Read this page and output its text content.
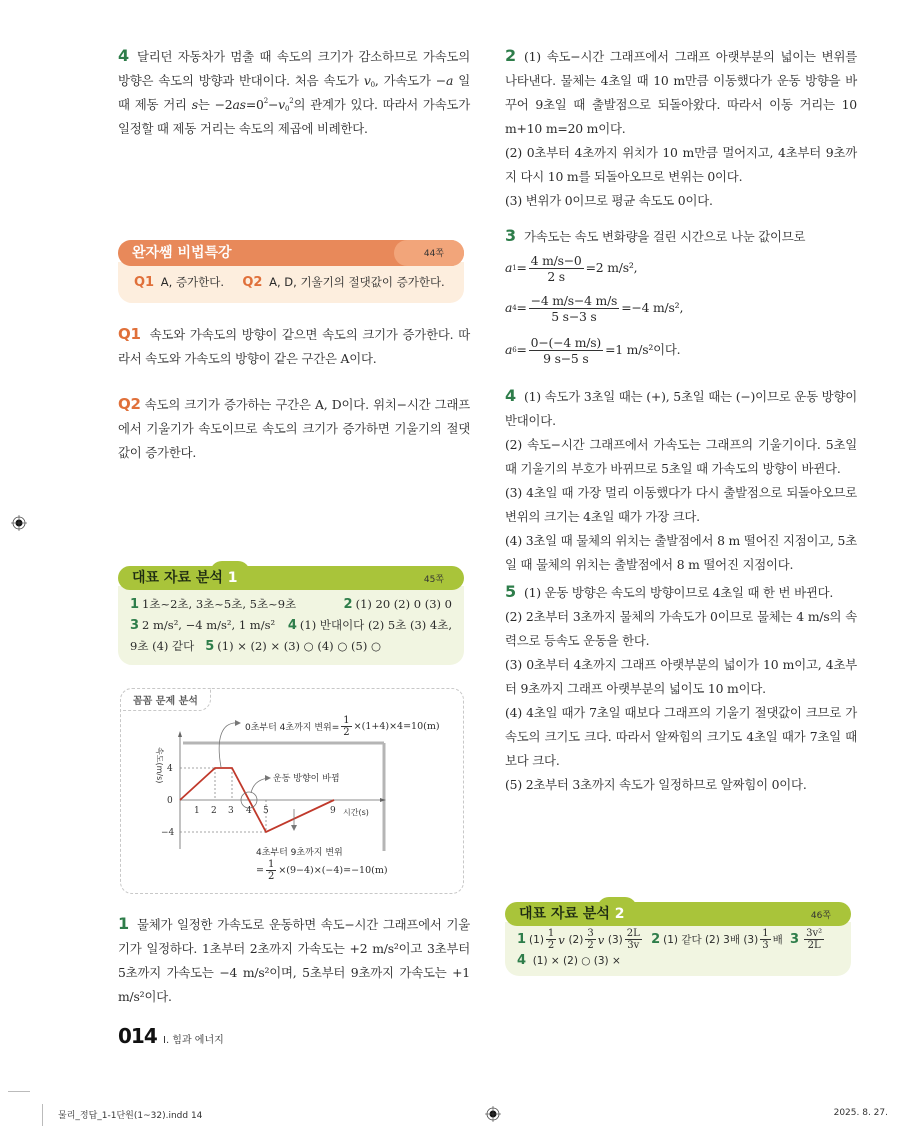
4 달리던 자동차가 멈출 때 속도의 크기가 감소하므로 가속도의 방향은 속도의 방향과 반대이다. 처음 속도가 $v_0$, 가속도가 −a 일 때 제동 거리 s는 $-2as=0^2-v_0^2$의 관계가 있다. 따라서 가속도가 일정할 때 제동 거리는 속도의 제곱에 비례한다.

완자쌤 비법특강	44쪽
Q1 A, 증가한다. Q2 A, D, 기울기의 절댓값이 증가한다.

Q1 속도와 가속도의 방향이 같으면 속도의 크기가 증가한다. 따라서 속도와 가속도의 방향이 같은 구간은 A이다.

Q2 속도의 크기가 증가하는 구간은 A, D이다. 위치−시간 그래프에서 기울기가 속도이므로 속도의 크기가 증가하면 기울기의 절댓값이 증가한다.

대표 자료 분석 1	45쪽
1 1초~2초, 3초~5초, 5초~9초	2 (1) 20 (2) 0 (3) 0
3 2 m/s², −4 m/s², 1 m/s² 4 (1) 반대이다 (2) 5초 (3) 4초,
9초 (4) 같다 5 (1) × (2) × (3) ○ (4) ○ (5) ○
꼼꼼 문제 분석
4
0
−4
1 2 3 4 5	9 시간(s)
속도(m/s)
0초부터 4초까지 변위= $\frac{1}{2} \times(1+4)\times 4=10(m)$
운동 방향이 바뀜
4초부터 9초까지 변위
= $\frac{1}{2} \times(9-4)\times(-4)=-10(m)$

1 물체가 일정한 가속도로 운동하면 속도−시간 그래프에서 기울기가 일정하다. 1초부터 2초까지 가속도는 +2 m/s²이고 3초부터 5초까지 가속도는 −4 m/s²이며, 5초부터 9초까지 가속도는 +1 m/s²이다.

2 (1) 속도−시간 그래프에서 그래프 아랫부분의 넓이는 변위를 나타낸다. 물체는 4초일 때 10 m만큼 이동했다가 운동 방향을 바꾸어 9초일 때 출발점으로 되돌아왔다. 따라서 이동 거리는 10 m+10 m=20 m이다.

(2) 0초부터 4초까지 위치가 10 m만큼 멀어지고, 4초부터 9초까지 다시 10 m를 되돌아오므로 변위는 0이다.

(3) 변위가 0이므로 평균 속도도 0이다.

3 가속도는 속도 변화량을 걸린 시간으로 나눈 값이므로

a $1 = \frac{4 m/s-0}{2 s} =2$ m/s²,
a $4 = \frac{-4 m/s-4 m/s}{5 s-3 s} =-4$ m/s²,
a $6 = \frac{0-(-4 m/s)}{9 s-5 s} =1$ m/s²이다.

4 (1) 속도가 3초일 때는 (+), 5초일 때는 (−)이므로 운동 방향이 반대이다.

(2) 속도−시간 그래프에서 가속도는 그래프의 기울기이다. 5초일 때 기울기의 부호가 바뀌므로 5초일 때 가속도의 방향이 바뀐다.

(3) 4초일 때 가장 멀리 이동했다가 다시 출발점으로 되돌아오므로 변위의 크기는 4초일 때가 가장 크다.

(4) 3초일 때 물체의 위치는 출발점에서 8 m 떨어진 지점이고, 5초일 때 물체의 위치는 출발점에서 8 m 떨어진 지점이다.

5 (1) 운동 방향은 속도의 방향이므로 4초일 때 한 번 바뀐다.

(2) 2초부터 3초까지 물체의 가속도가 0이므로 물체는 4 m/s의 속력으로 등속도 운동을 한다.

(3) 0초부터 4초까지 그래프 아랫부분의 넓이가 10 m이고, 4초부터 9초까지 그래프 아랫부분의 넓이도 10 m이다.

(4) 4초일 때가 7초일 때보다 그래프의 기울기 절댓값이 크므로 가속도의 크기도 크다. 따라서 알짜힘의 크기도 4초일 때가 7초일 때보다 크다.

(5) 2초부터 3초까지 속도가 일정하므로 알짜힘이 0이다.

대표 자료 분석 2	46쪽
1 $(1) \frac{1}{2}$ v
$(2) \frac{3}{2}$ v
$(3) \frac{2L}{3v}$
2 (1) 같다 (2) 3배 $(3) \frac{1}{3}$ 배
$3 \frac{\text{3v²}}{2L}$
4 (1) × (2) ○ (3) ×
014 Ⅰ. 힘과 에너지
물리_정답_1-1단원(1~32).indd 14	2025. 8. 27.
